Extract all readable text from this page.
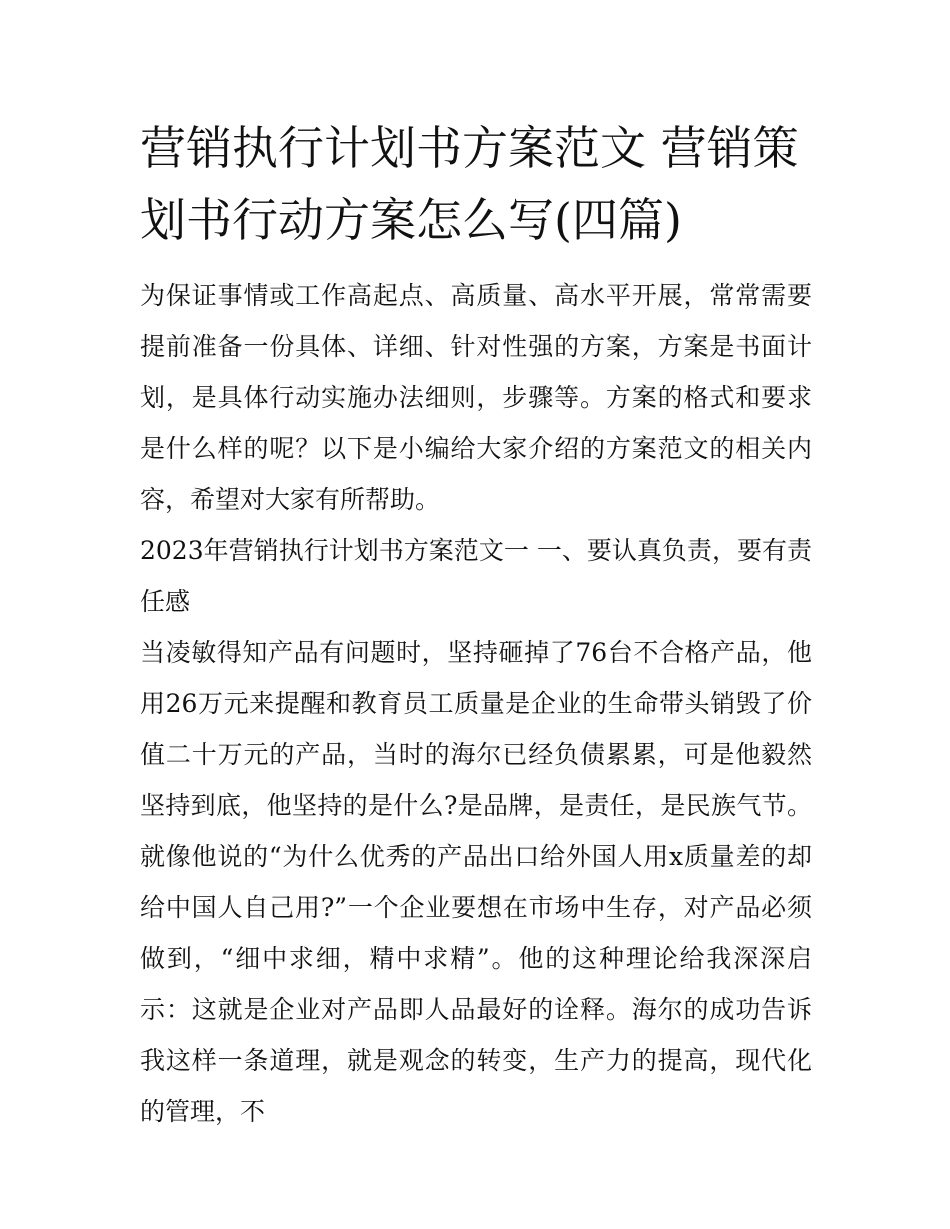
营销执行计划书方案范文 营销策划书行动方案怎么写(四篇)

为保证事情或工作高起点、高质量、高水平开展，常常需要提前准备一份具体、详细、针对性强的方案，方案是书面计划，是具体行动实施办法细则，步骤等。方案的格式和要求是什么样的呢？以下是小编给大家介绍的方案范文的相关内容，希望对大家有所帮助。

2023年营销执行计划书方案范文一 一、要认真负责，要有责任感

当凌敏得知产品有问题时，坚持砸掉了76台不合格产品，他用26万元来提醒和教育员工质量是企业的生命带头销毁了价值二十万元的产品，当时的海尔已经负债累累，可是他毅然坚持到底，他坚持的是什么?是品牌，是责任，是民族气节。就像他说的“为什么优秀的产品出口给外国人用x质量差的却给中国人自己用?”一个企业要想在市场中生存，对产品必须做到，“细中求细，精中求精”。他的这种理论给我深深启示：这就是企业对产品即人品最好的诠释。海尔的成功告诉我这样一条道理，就是观念的转变，生产力的提高，现代化的管理，不
